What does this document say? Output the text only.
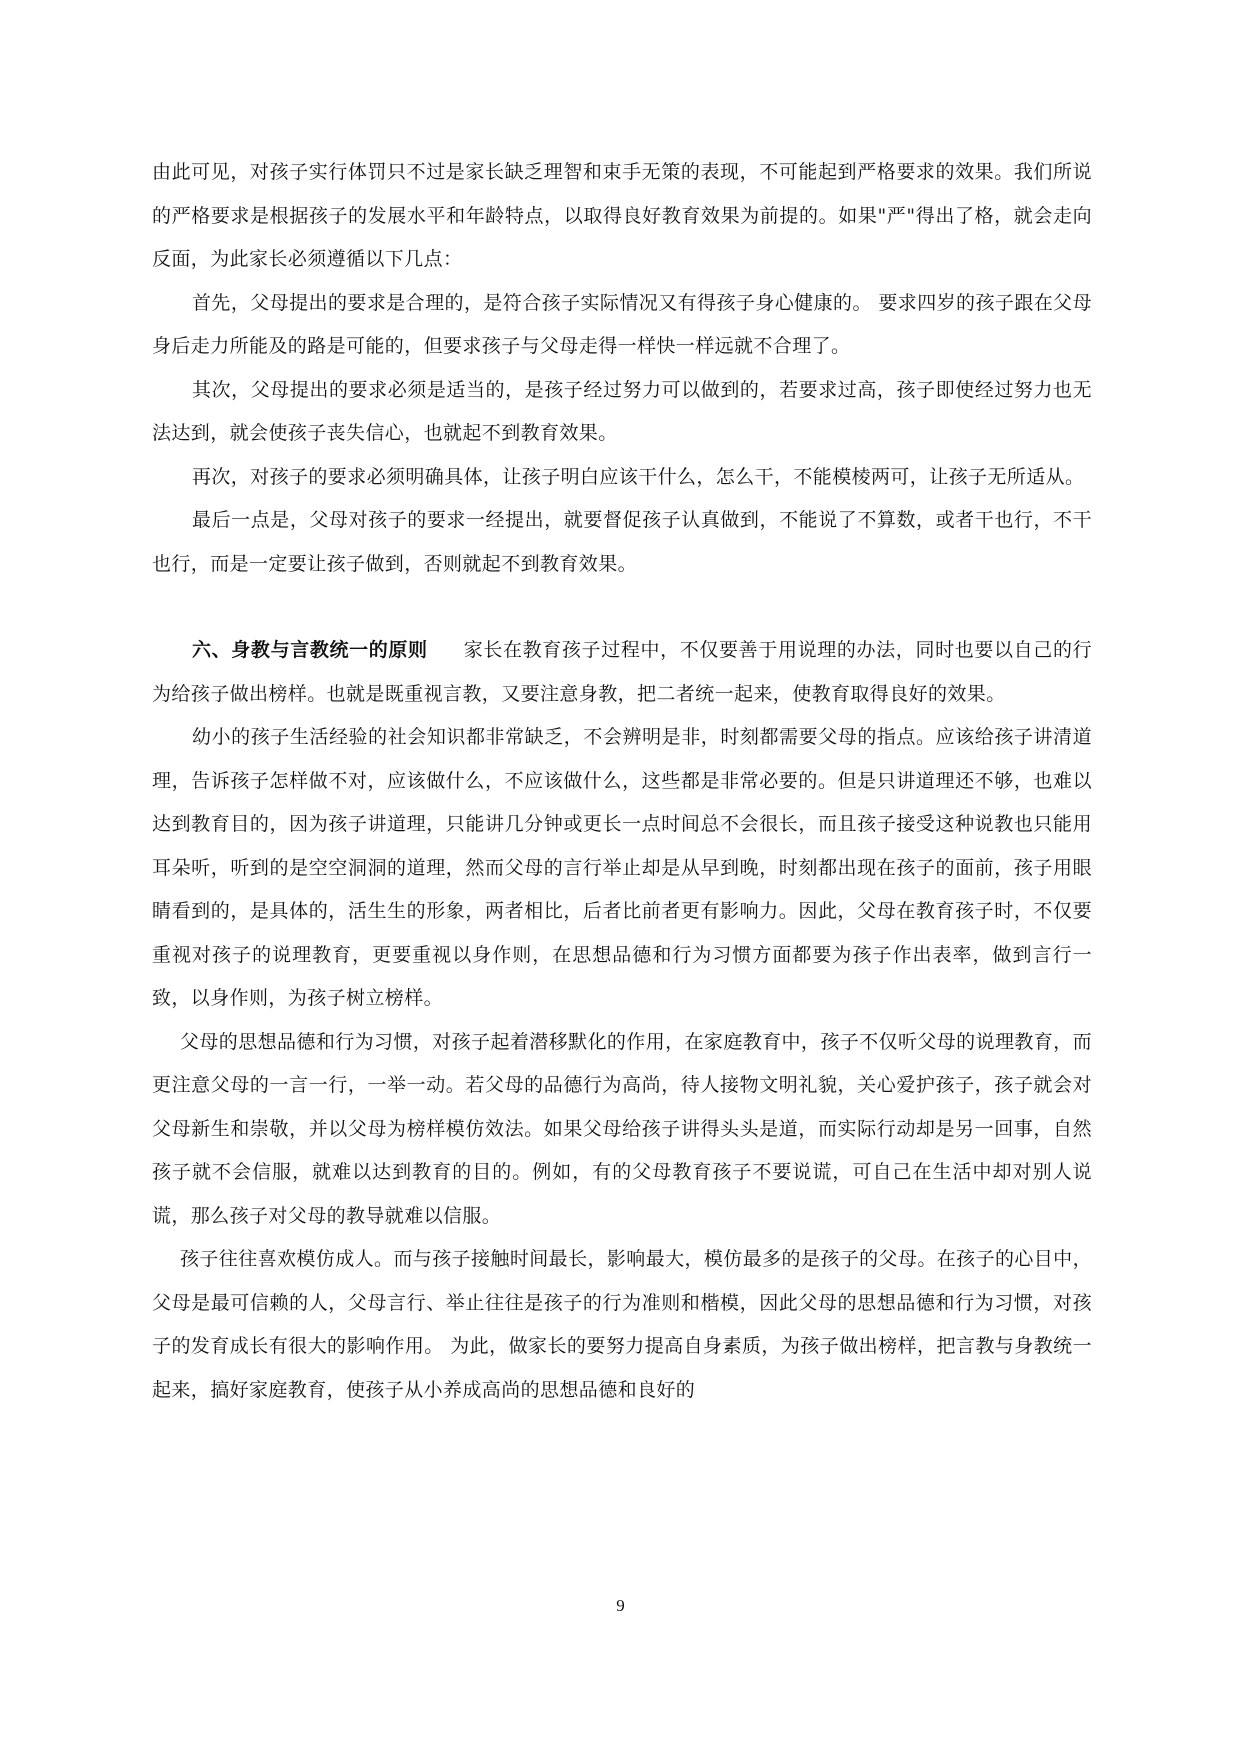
由此可见，对孩子实行体罚只不过是家长缺乏理智和束手无策的表现，不可能起到严格要求的效果。我们所说的严格要求是根据孩子的发展水平和年龄特点，以取得良好教育效果为前提的。如果"严"得出了格，就会走向反面，为此家长必须遵循以下几点：

首先，父母提出的要求是合理的，是符合孩子实际情况又有得孩子身心健康的。 要求四岁的孩子跟在父母身后走力所能及的路是可能的，但要求孩子与父母走得一样快一样远就不合理了。

其次，父母提出的要求必须是适当的，是孩子经过努力可以做到的，若要求过高，孩子即使经过努力也无法达到，就会使孩子丧失信心，也就起不到教育效果。

再次，对孩子的要求必须明确具体，让孩子明白应该干什么，怎么干，不能模棱两可，让孩子无所适从。

最后一点是，父母对孩子的要求一经提出，就要督促孩子认真做到，不能说了不算数，或者干也行，不干也行，而是一定要让孩子做到，否则就起不到教育效果。

六、身教与言教统一的原则 家长在教育孩子过程中，不仅要善于用说理的办法，同时也要以自己的行为给孩子做出榜样。也就是既重视言教，又要注意身教，把二者统一起来，使教育取得良好的效果。

幼小的孩子生活经验的社会知识都非常缺乏，不会辨明是非，时刻都需要父母的指点。应该给孩子讲清道理，告诉孩子怎样做不对，应该做什么，不应该做什么，这些都是非常必要的。但是只讲道理还不够，也难以达到教育目的，因为孩子讲道理，只能讲几分钟或更长一点时间总不会很长，而且孩子接受这种说教也只能用耳朵听，听到的是空空洞洞的道理，然而父母的言行举止却是从早到晚，时刻都出现在孩子的面前，孩子用眼睛看到的，是具体的，活生生的形象，两者相比，后者比前者更有影响力。因此，父母在教育孩子时，不仅要重视对孩子的说理教育，更要重视以身作则，在思想品德和行为习惯方面都要为孩子作出表率，做到言行一致，以身作则，为孩子树立榜样。

父母的思想品德和行为习惯，对孩子起着潜移默化的作用，在家庭教育中，孩子不仅听父母的说理教育，而更注意父母的一言一行，一举一动。若父母的品德行为高尚，待人接物文明礼貌，关心爱护孩子，孩子就会对父母新生和崇敬，并以父母为榜样模仿效法。如果父母给孩子讲得头头是道，而实际行动却是另一回事，自然孩子就不会信服，就难以达到教育的目的。例如，有的父母教育孩子不要说谎，可自己在生活中却对别人说谎，那么孩子对父母的教导就难以信服。

孩子往往喜欢模仿成人。而与孩子接触时间最长，影响最大，模仿最多的是孩子的父母。在孩子的心目中，父母是最可信赖的人，父母言行、举止往往是孩子的行为准则和楷模，因此父母的思想品德和行为习惯，对孩子的发育成长有很大的影响作用。 为此，做家长的要努力提高自身素质，为孩子做出榜样，把言教与身教统一起来，搞好家庭教育，使孩子从小养成高尚的思想品德和良好的

9
